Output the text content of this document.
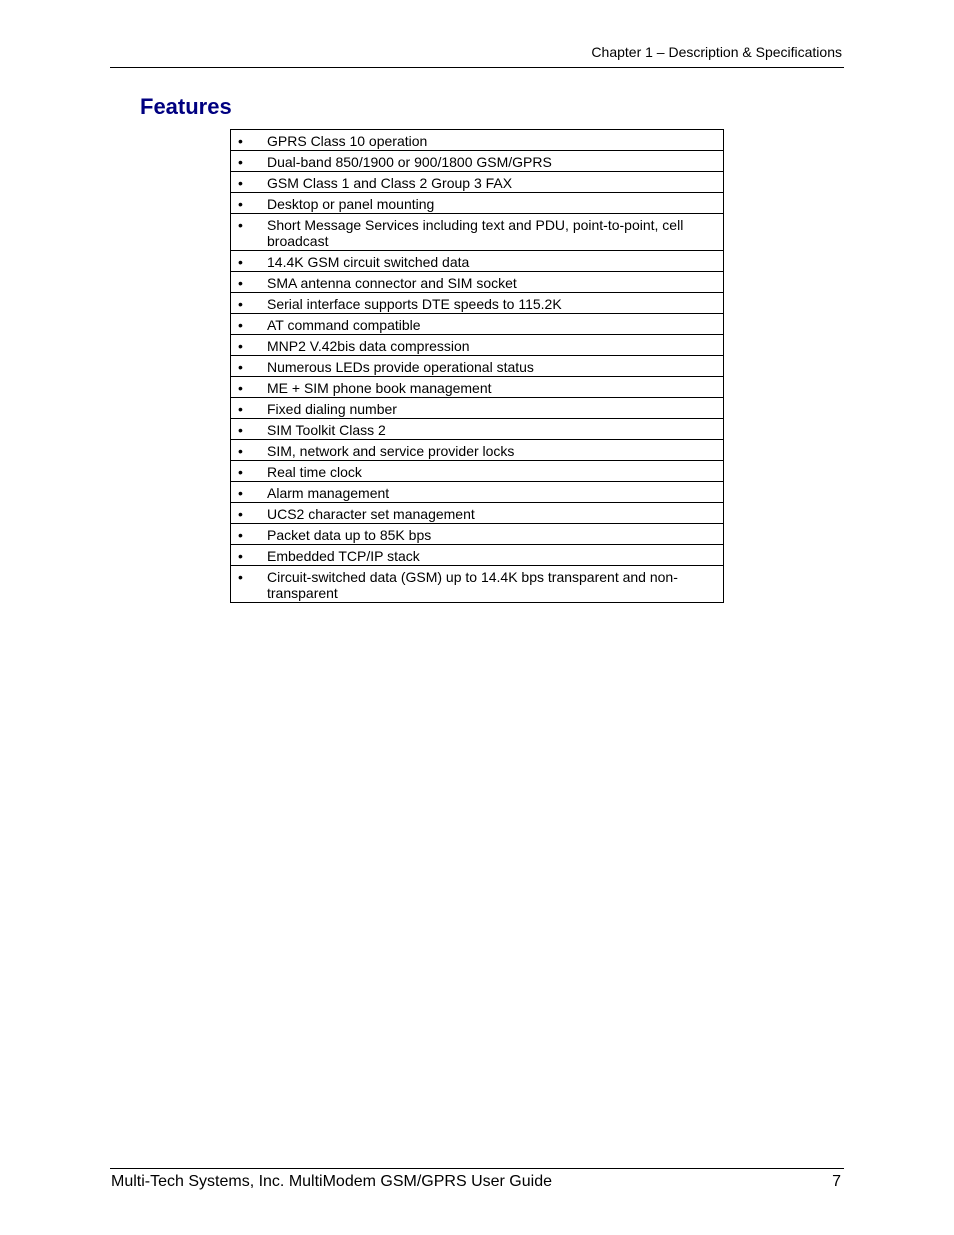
Chapter 1 – Description & Specifications
Features
•	GPRS Class 10 operation

•	Dual-band 850/1900 or 900/1800 GSM/GPRS

•	GSM Class 1 and Class 2 Group 3 FAX

•	Desktop or panel mounting

•	Short Message Services including text and PDU, point-to-point, cell broadcast

•	14.4K GSM circuit switched data

•	SMA antenna connector and SIM socket

•	Serial interface supports DTE speeds to 115.2K

•	AT command compatible

•	MNP2 V.42bis data compression

•	Numerous LEDs provide operational status

•	ME + SIM phone book management

•	Fixed dialing number

•	SIM Toolkit Class 2

•	SIM, network and service provider locks

•	Real time clock

•	Alarm management

•	UCS2 character set management

•	Packet data up to 85K bps

•	Embedded TCP/IP stack

•	Circuit-switched data (GSM) up to 14.4K bps transparent and non-transparent
Multi-Tech Systems, Inc. MultiModem GSM/GPRS User Guide	7
